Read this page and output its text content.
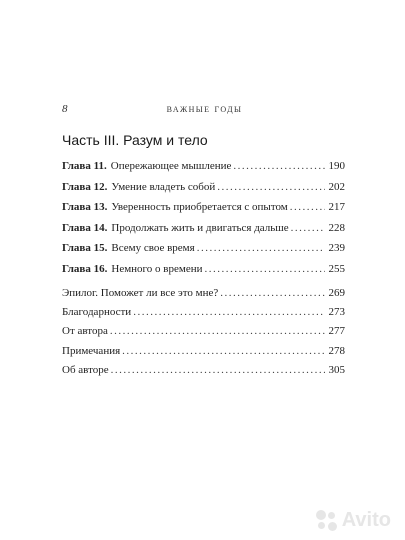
8	важные годы
Часть III. Разум и тело
Глава 11. Опережающее мышление .....	190
Глава 12. Умение владеть собой .....	202
Глава 13. Уверенность приобретается с опытом .....	217
Глава 14. Продолжать жить и двигаться дальше .....	228
Глава 15. Всему свое время .....	239
Глава 16. Немного о времени .....	255
Эпилог. Поможет ли все это мне? .....	269
Благодарности .....	273
От автора .....	277
Примечания .....	278
Об авторе .....	305
Avito
